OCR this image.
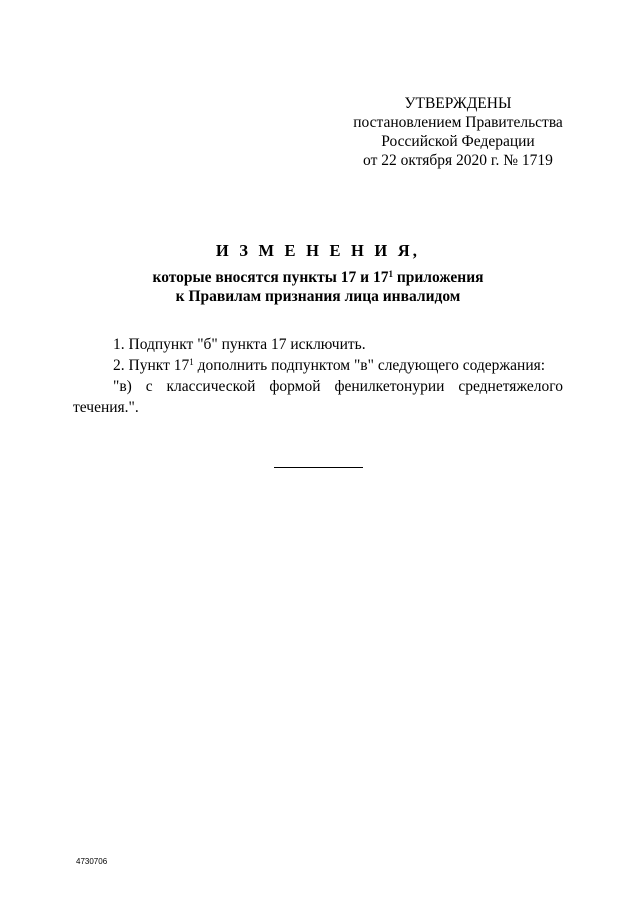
УТВЕРЖДЕНЫ
постановлением Правительства
Российской Федерации
от 22 октября 2020 г. № 1719
И З М Е Н Е Н И Я,
которые вносятся пункты 17 и $17^1$ приложения
к Правилам признания лица инвалидом
1. Подпункт "б" пункта 17 исключить.
2. Пункт $17^1$ дополнить подпунктом "в" следующего содержания:
"в) с классической формой фенилкетонурии среднетяжелого
течения.".
4730706
